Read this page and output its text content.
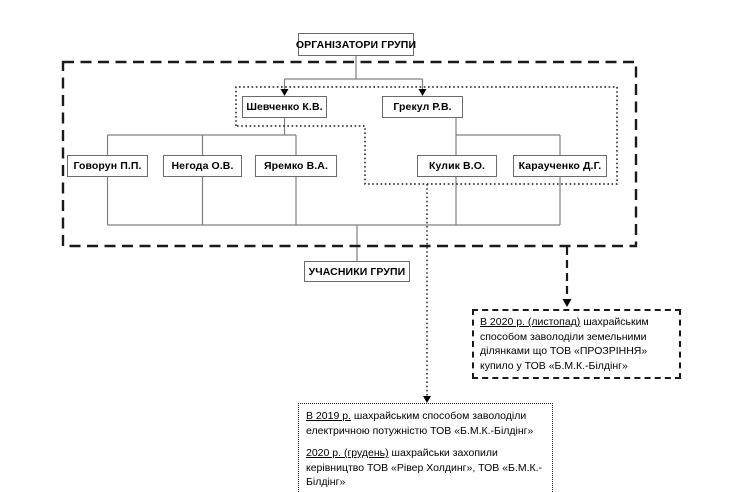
ОРГАНІЗАТОРИ ГРУПИ
Шевченко К.В.	Грекул Р.В.
Говорун П.П.	Негода О.В.	Яремко В.А.	Кулик В.О.	Караученко Д.Г.
УЧАСНИКИ ГРУПИ

В 2020 р. (листопад) шахрайським способом заволоділи земельними ділянками що ТОВ «ПРОЗРІННЯ» купило у ТОВ «Б.М.К.-Білдінг»

В 2019 р. шахрайським способом заволоділи електричною потужністю ТОВ «Б.М.К.-Білдінг»

2020 р. (грудень) шахрайськи захопили керівництво ТОВ «Рівер Холдинг», ТОВ «Б.М.К.-Білдінг»
